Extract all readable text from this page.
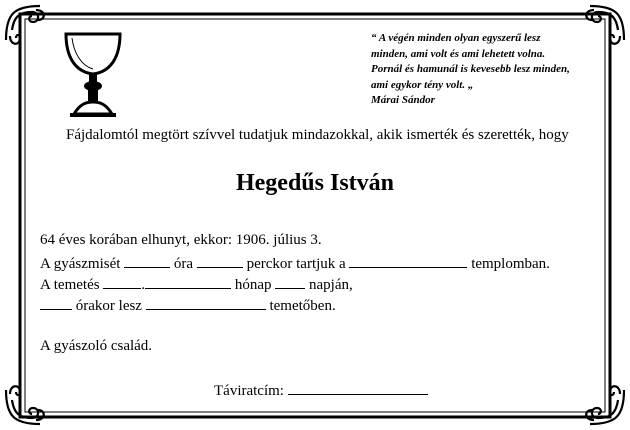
“ A végén minden olyan egyszerű lesz
minden, ami volt és ami lehetett volna.
Pornál és hamunál is kevesebb lesz minden,
ami egykor tény volt. „
Márai Sándor
Fájdalomtól megtört szívvel tudatjuk mindazokkal, akik ismerték és szerették, hogy
Hegedűs István
64 éves korában elhunyt, ekkor: 1906. július 3.
A gyászmisét	óra	perckor tartjuk a	templomban.
A temetés	.	hónap	napján,
órakor lesz	temetőben.
A gyászoló család.
Táviratcím:
